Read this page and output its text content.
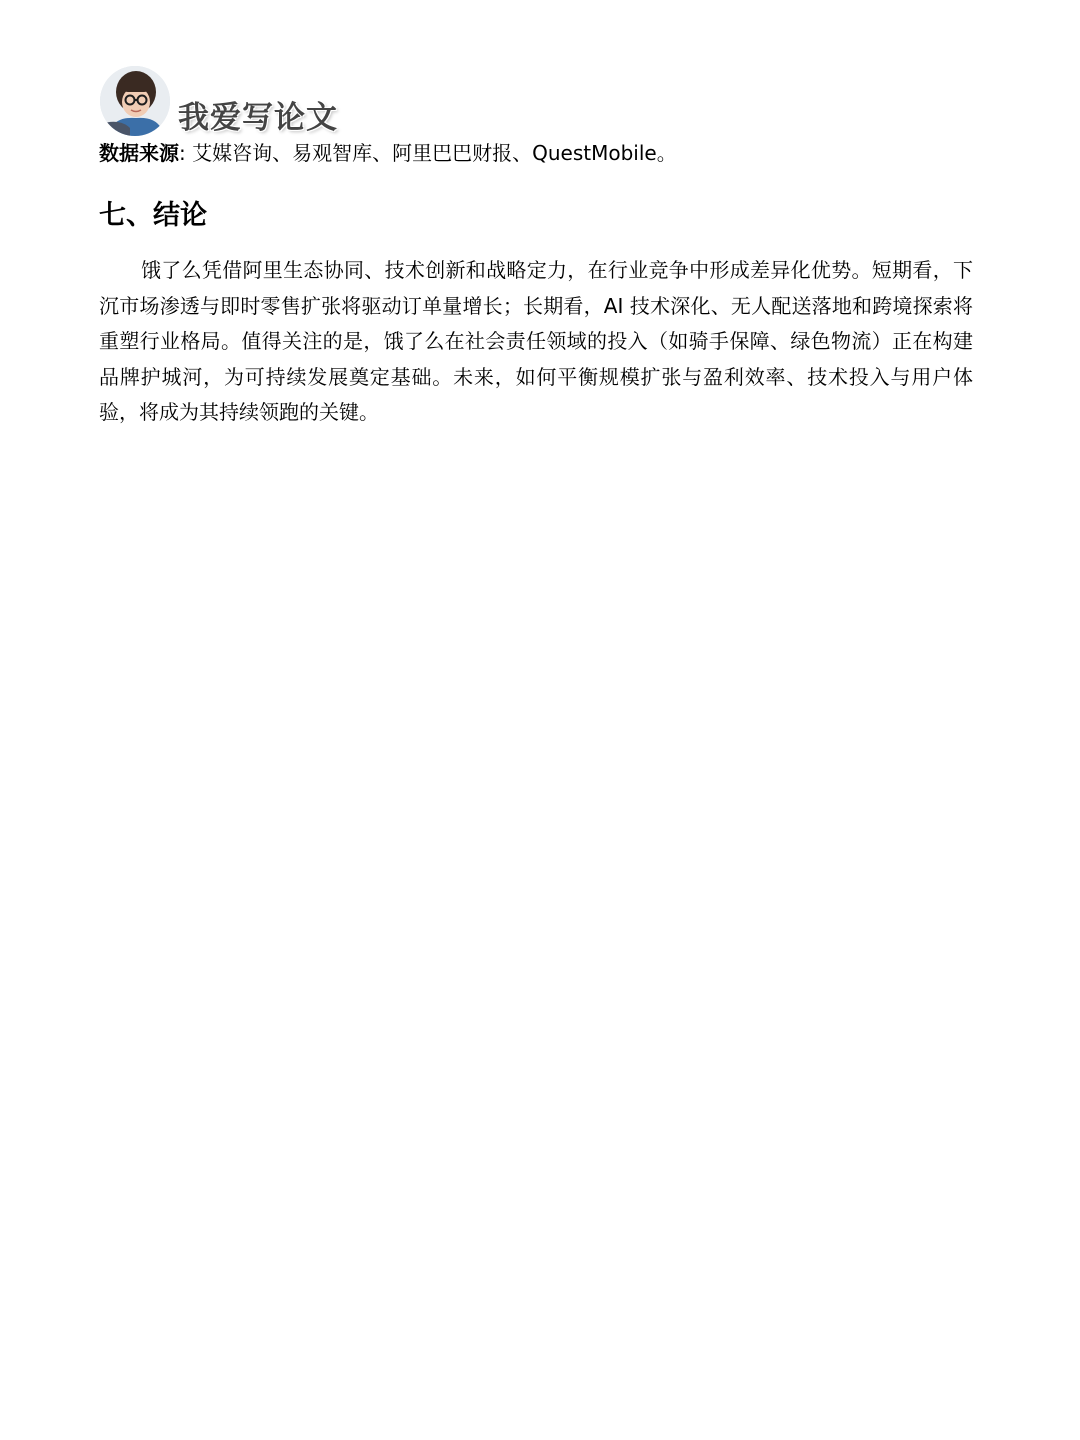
我爱写论文
数据来源: 艾媒咨询、易观智库、阿里巴巴财报、QuestMobile。
七、结论

饿了么凭借阿里生态协同、技术创新和战略定力，在行业竞争中形成差异化优势。短期看，下沉市场渗透与即时零售扩张将驱动订单量增长；长期看，AI 技术深化、无人配送落地和跨境探索将重塑行业格局。值得关注的是，饿了么在社会责任领域的投入（如骑手保障、绿色物流）正在构建品牌护城河，为可持续发展奠定基础。未来，如何平衡规模扩张与盈利效率、技术投入与用户体验，将成为其持续领跑的关键。
